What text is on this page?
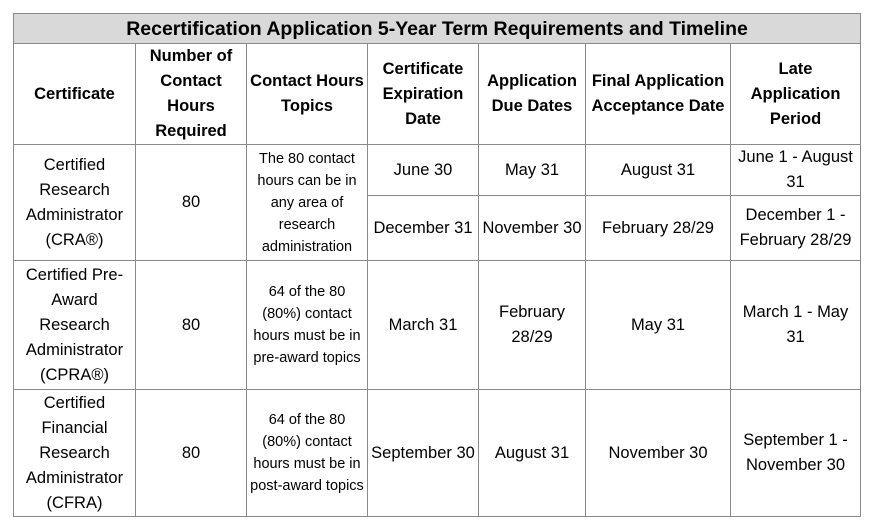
Recertification Application 5-Year Term Requirements and Timeline						
Certificate	Number of Contact Hours Required	Contact Hours Topics	Certificate Expiration Date	Application Due Dates	Final Application Acceptance Date	Late Application Period
Certified Research Administrator (CRA®)	80	The 80 contact hours can be in any area of research administration	June 30	May 31	August 31	June 1 - August 31
			December 31	November 30	February 28/29	December 1 - February 28/29
Certified Pre-Award Research Administrator (CPRA®)	80	64 of the 80 (80%) contact hours must be in pre-award topics	March 31	February 28/29	May 31	March 1 - May 31
Certified Financial Research Administrator (CFRA)	80	64 of the 80 (80%) contact hours must be in post-award topics	September 30	August 31	November 30	September 1 - November 30
